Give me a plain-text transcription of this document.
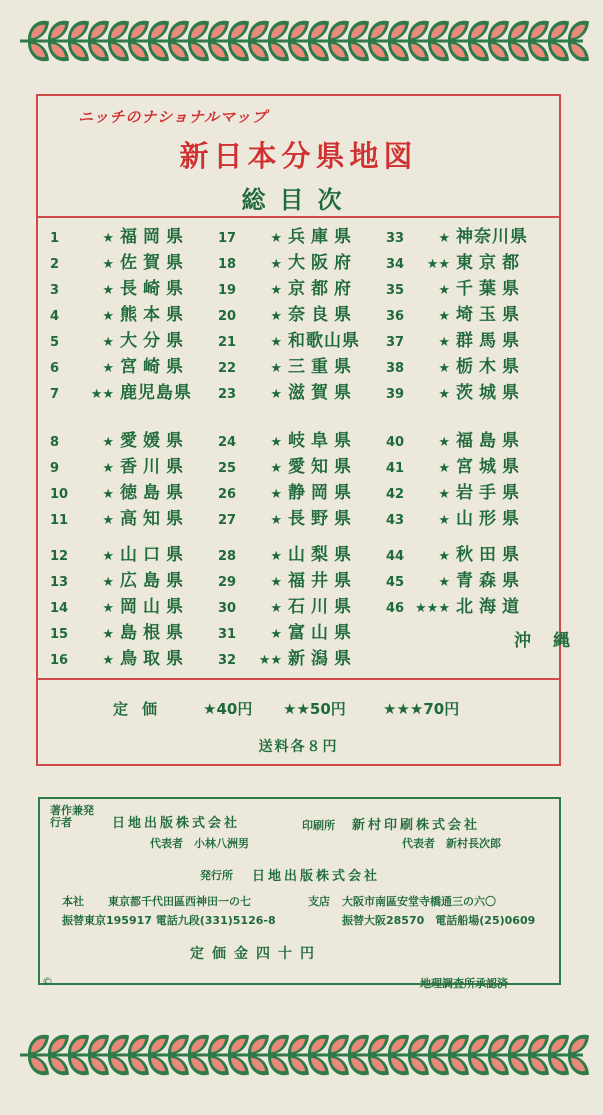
ニッチのナショナルマップ
新日本分県地図
総目次
1	★ 福岡県
2	★ 佐賀県
3	★ 長崎県
4	★ 熊本県
5	★ 大分県
6	★ 宮崎県
7 ★★ 鹿児島県
8	★ 愛媛県
9	★ 香川県
10	★ 徳島県
11	★ 高知県
12	★ 山口県
13	★ 広島県
14	★ 岡山県
15	★ 島根県
16	★ 鳥取県
17	★ 兵庫県
18	★ 大阪府
19	★ 京都府
20	★ 奈良県
21	★ 和歌山県
22	★ 三重県
23	★ 滋賀県
24	★ 岐阜県
25	★ 愛知県
26	★ 静岡県
27	★ 長野県
28	★ 山梨県
29	★ 福井県
30	★ 石川県
31	★ 富山県
32 ★★ 新潟県
33	★ 神奈川県
34 ★★ 東京都
35	★ 千葉県
36	★ 埼玉県
37	★ 群馬県
38	★ 栃木県
39	★ 茨城県
40	★ 福島県
41	★ 宮城県
42	★ 岩手県
43	★ 山形県
44	★ 秋田県
45	★ 青森県
46 ★★★ 北海道
沖縄
定価 ★40円 ★★50円 ★★★70円
送料各８円
著作兼発行者	日地出版株式会社
代表者　小林八洲男
印刷所 新村印刷株式会社
代表者　新村長次郎
発行所 日地出版株式会社
本社 東京都千代田區西神田一の七
振替東京195917 電話九段(331)5126-8
支店 大阪市南區安堂寺橋通三の六〇
振替大阪28570　電話船場(25)0609
定価金四十円
©	地理調査所承認済
